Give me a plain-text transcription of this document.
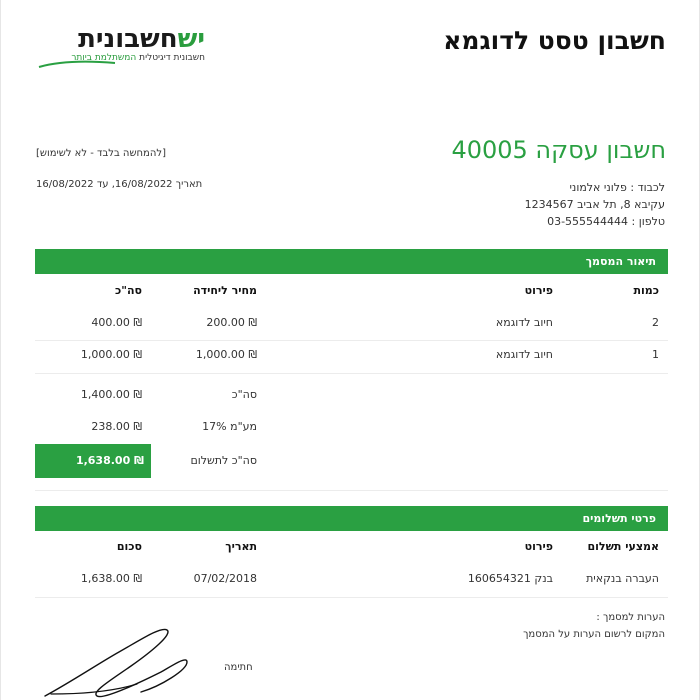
חשבון טסט לדוגמא
ישחשבונית
חשבונית דיגיטלית המשתלמת ביותר
חשבון עסקה 40005
[להמחשה בלבד - לא לשימוש]
תאריך 16/08/2022, עד 16/08/2022	לכבוד : פלוני אלמוני
עקיבא 8, תל אביב 1234567
טלפון : 03-555544444
תיאור המסמך
כמות
פירוט
מחיר ליחידה
סה"כ
2
חיוב לדוגמא
₪ 200.00
₪ 400.00
1
חיוב לדוגמא
₪ 1,000.00
₪ 1,000.00
סה"כ
₪ 1,400.00
מע"מ 17%
₪ 238.00
סה"כ לתשלום
₪ 1,638.00
פרטי תשלומים
אמצעי תשלום
פירוט
תאריך
סכום
העברה בנקאית
בנק 160654321
07/02/2018
₪ 1,638.00
הערות למסמך :
המקום לרשום הערות על המסמך
חתימה
